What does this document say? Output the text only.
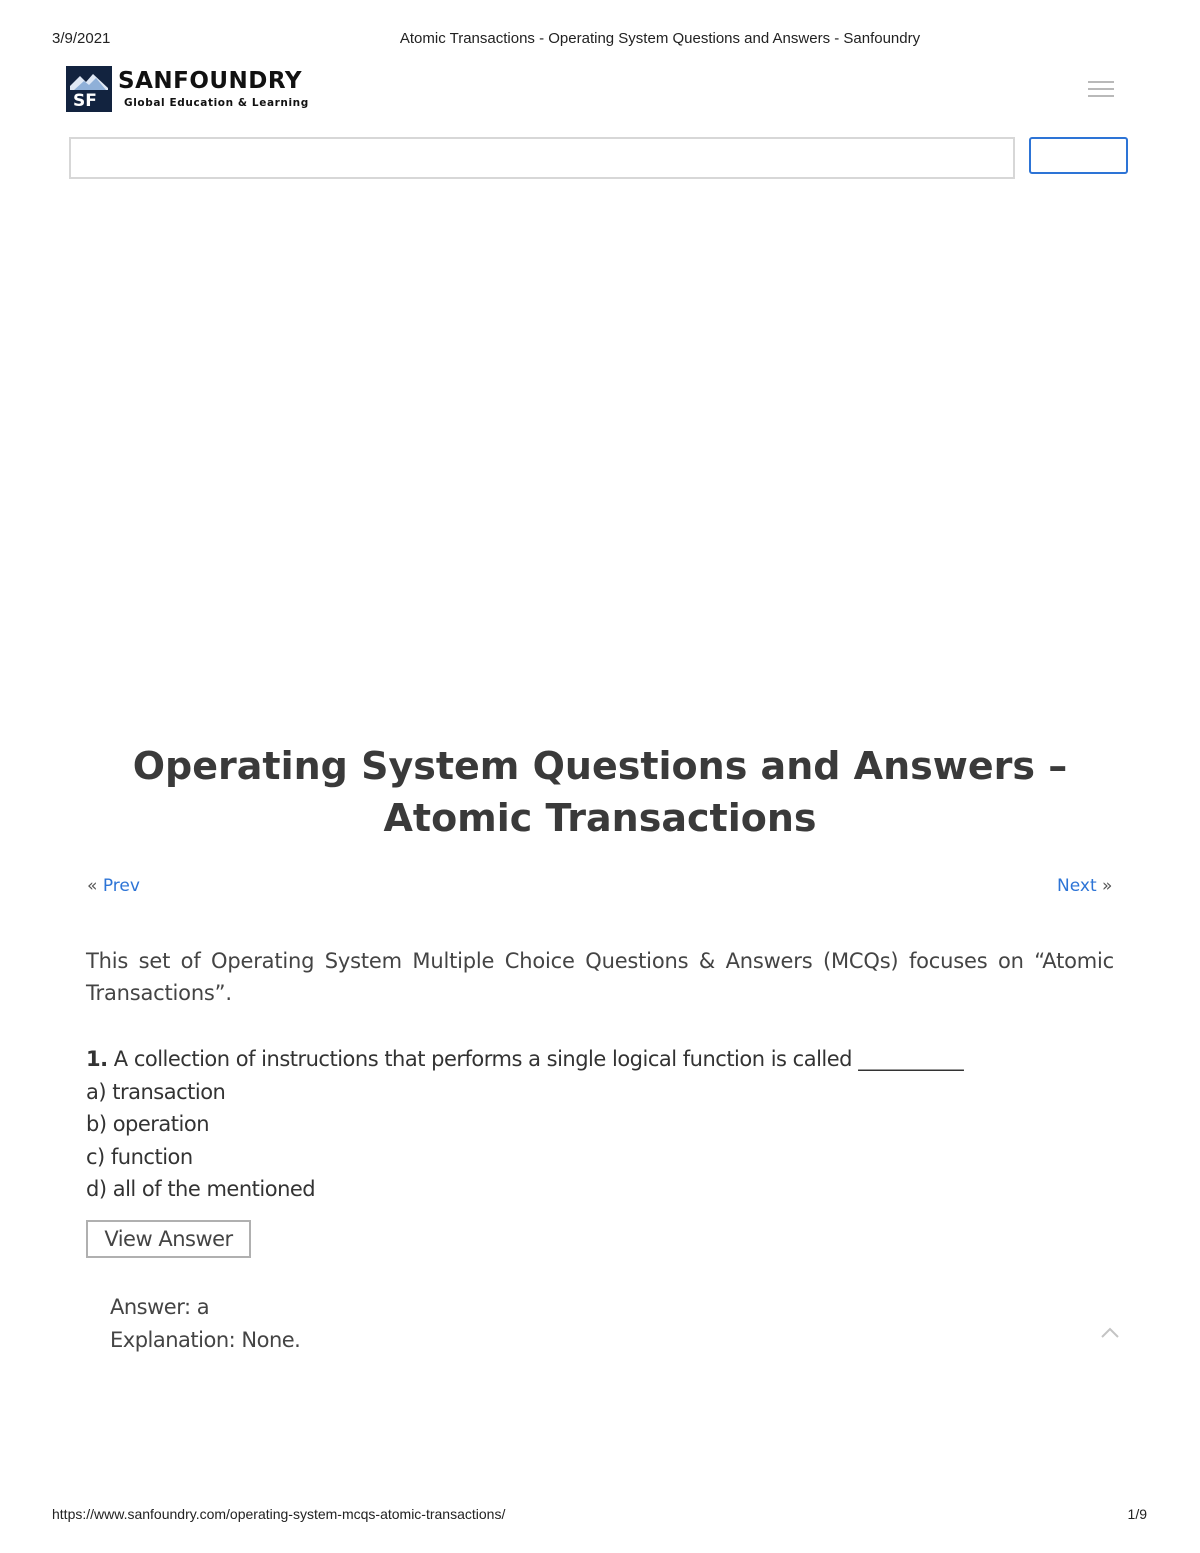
3/9/2021	Atomic Transactions - Operating System Questions and Answers - Sanfoundry
SF
SANFOUNDRY
Global Education & Learning
Operating System Questions and Answers – Atomic Transactions
« Prev	Next »

This set of Operating System Multiple Choice Questions & Answers (MCQs) focuses on “Atomic Transactions”.

1. A collection of instructions that performs a single logical function is called ___________
a) transaction
b) operation
c) function
d) all of the mentioned
View Answer
Answer: a
Explanation: None.
https://www.sanfoundry.com/operating-system-mcqs-atomic-transactions/	1/9
